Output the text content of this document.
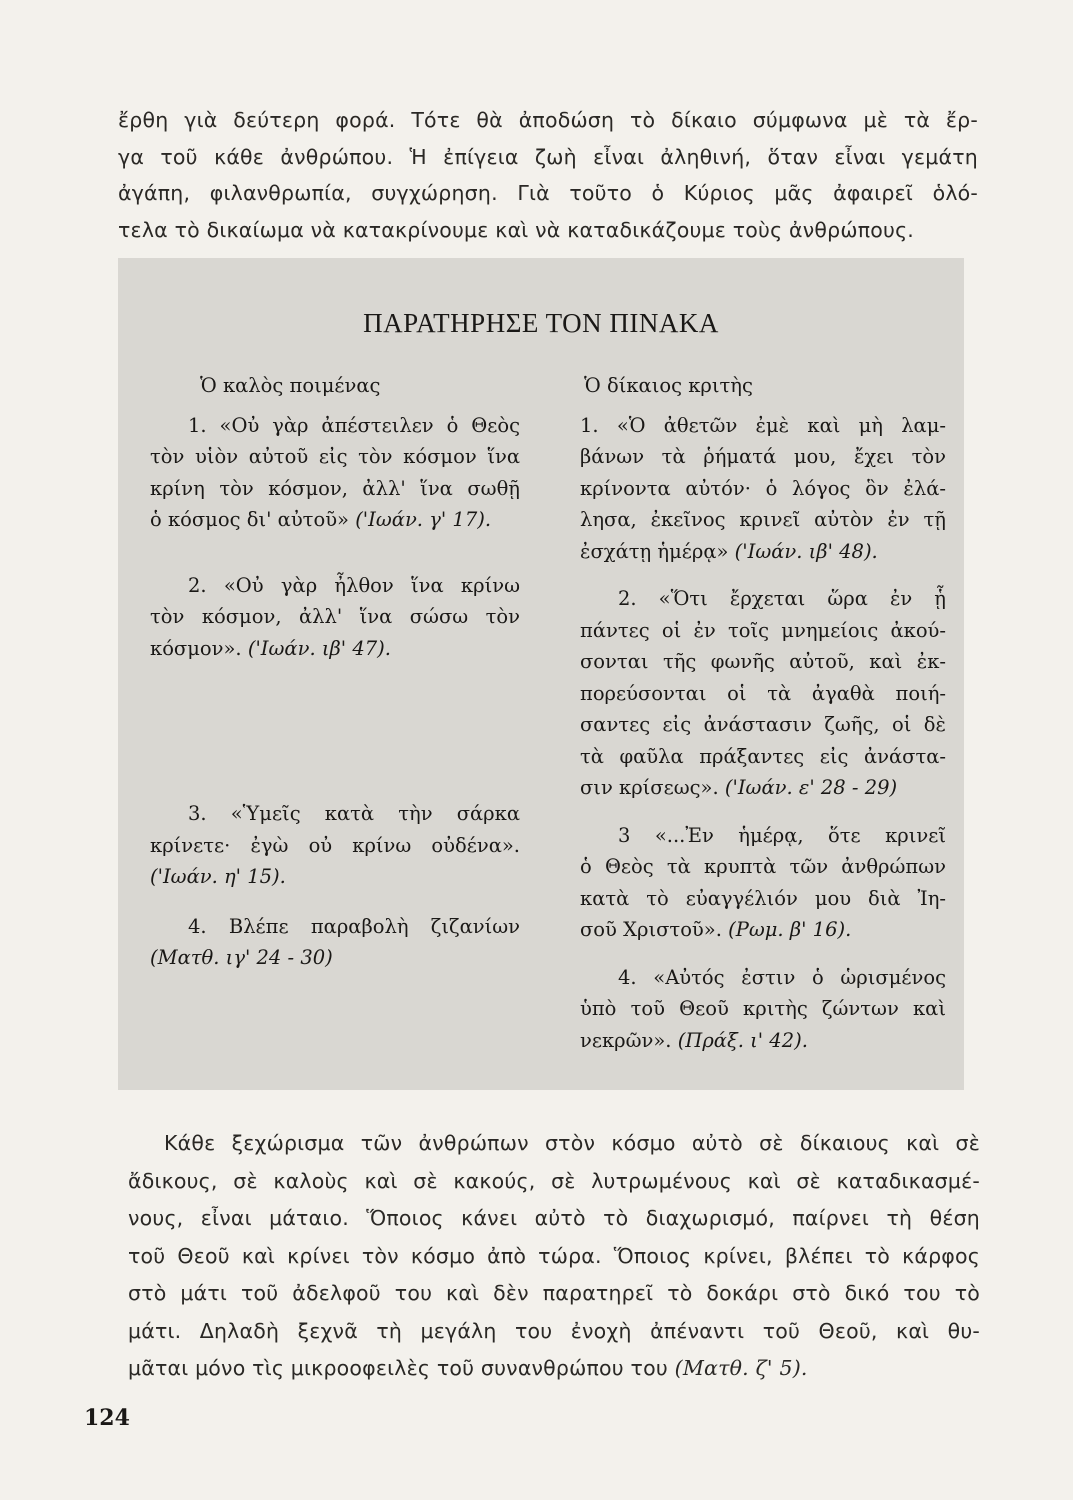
ἔρθη γιὰ δεύτερη φορά. Τότε θὰ ἀποδώση τὸ δίκαιο σύμφωνα μὲ τὰ ἔρ-
γα τοῦ κάθε ἀνθρώπου. Ἡ ἐπίγεια ζωὴ εἶναι ἀληθινή, ὅταν εἶναι γεμάτη
ἀγάπη, φιλανθρωπία, συγχώρηση. Γιὰ τοῦτο ὁ Κύριος μᾶς ἀφαιρεῖ ὁλό-
τελα τὸ δικαίωμα νὰ κατακρίνουμε καὶ νὰ καταδικάζουμε τοὺς ἀνθρώπους.
ΠΑΡΑΤΗΡΗΣΕ ΤΟΝ ΠΙΝΑΚΑ
Ὁ καλὸς ποιμένας
1. «Οὐ γὰρ ἀπέστειλεν ὁ Θεὸς
τὸν υἱὸν αὐτοῦ εἰς τὸν κόσμον ἵνα
κρίνη τὸν κόσμον, ἀλλ' ἵνα σωθῇ
ὁ κόσμος δι' αὐτοῦ» ('Ιωάν. γ' 17).
2. «Οὐ γὰρ ἦλθον ἵνα κρίνω
τὸν κόσμον, ἀλλ' ἵνα σώσω τὸν
κόσμον». ('Ιωάν. ιβ' 47).
3. «Ὑμεῖς κατὰ τὴν σάρκα
κρίνετε· ἐγὼ οὐ κρίνω οὐδένα».
('Ιωάν. η' 15).
4. Βλέπε παραβολὴ ζιζανίων
(Ματθ. ιγ' 24 - 30)
Ὁ δίκαιος κριτὴς
1. «Ὁ ἀθετῶν ἐμὲ καὶ μὴ λαμ-
βάνων τὰ ῥήματά μου, ἔχει τὸν
κρίνοντα αὐτόν· ὁ λόγος ὃν ἐλά-
λησα, ἐκεῖνος κρινεῖ αὐτὸν ἐν τῇ
ἐσχάτῃ ἡμέρᾳ» ('Ιωάν. ιβ' 48).
2. «Ὅτι ἔρχεται ὥρα ἐν ᾗ
πάντες οἱ ἐν τοῖς μνημείοις ἀκού-
σονται τῆς φωνῆς αὐτοῦ, καὶ ἐκ-
πορεύσονται οἱ τὰ ἀγαθὰ ποιή-
σαντες εἰς ἀνάστασιν ζωῆς, οἱ δὲ
τὰ φαῦλα πράξαντες εἰς ἀνάστα-
σιν κρίσεως». ('Ιωάν. ε' 28 - 29)
3 «...Ἐν ἡμέρᾳ, ὅτε κρινεῖ
ὁ Θεὸς τὰ κρυπτὰ τῶν ἀνθρώπων
κατὰ τὸ εὐαγγέλιόν μου διὰ Ἰη-
σοῦ Χριστοῦ». (Ρωμ. β' 16).
4. «Αὐτός ἐστιν ὁ ὡρισμένος
ὑπὸ τοῦ Θεοῦ κριτὴς ζώντων καὶ
νεκρῶν». (Πράξ. ι' 42).
Κάθε ξεχώρισμα τῶν ἀνθρώπων στὸν κόσμο αὐτὸ σὲ δίκαιους καὶ σὲ
ἄδικους, σὲ καλοὺς καὶ σὲ κακούς, σὲ λυτρωμένους καὶ σὲ καταδικασμέ-
νους, εἶναι μάταιο. Ὅποιος κάνει αὐτὸ τὸ διαχωρισμό, παίρνει τὴ θέση
τοῦ Θεοῦ καὶ κρίνει τὸν κόσμο ἀπὸ τώρα. Ὅποιος κρίνει, βλέπει τὸ κάρφος
στὸ μάτι τοῦ ἀδελφοῦ του καὶ δὲν παρατηρεῖ τὸ δοκάρι στὸ δικό του τὸ
μάτι. Δηλαδὴ ξεχνᾶ τὴ μεγάλη του ἐνοχὴ ἀπέναντι τοῦ Θεοῦ, καὶ θυ-
μᾶται μόνο τὶς μικροοφειλὲς τοῦ συνανθρώπου του (Ματθ. ζ' 5).
124
